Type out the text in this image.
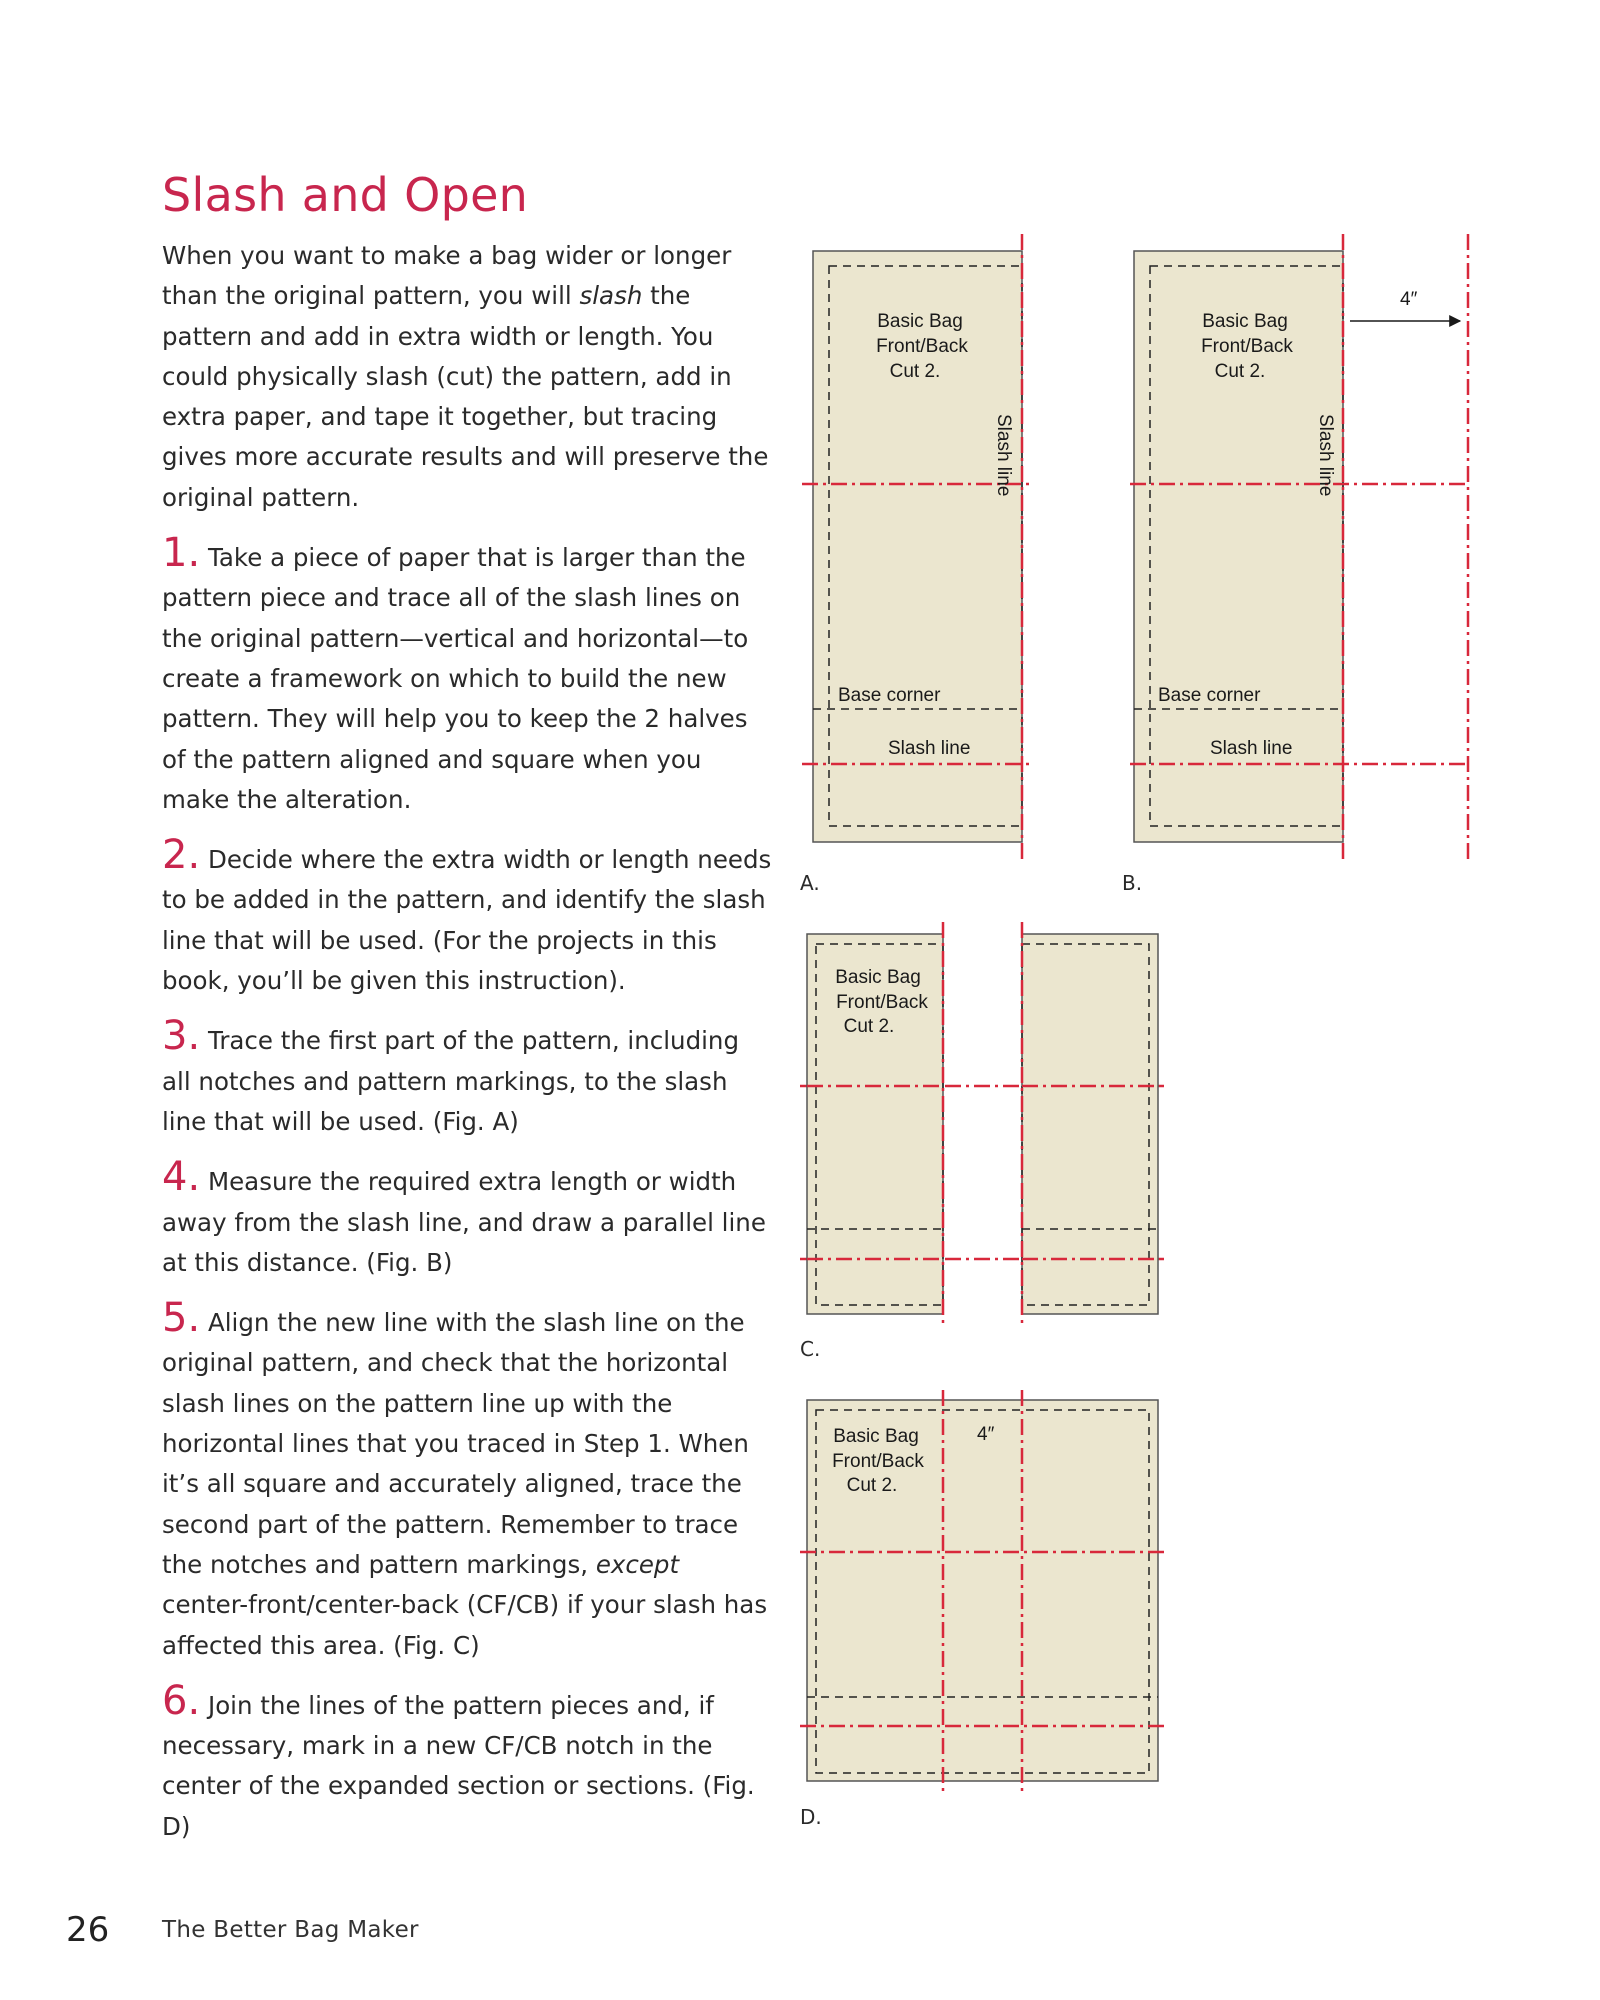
Slash and Open

When you want to make a bag wider or longer than the original pattern, you will slash the pattern and add in extra width or length. You could physically slash (cut) the pattern, add in extra paper, and tape it together, but tracing gives more accurate results and will preserve the original pattern.

1. Take a piece of paper that is larger than the pattern piece and trace all of the slash lines on the original pattern—vertical and horizontal—to create a framework on which to build the new pattern. They will help you to keep the 2 halves of the pattern aligned and square when you make the alteration.

2. Decide where the extra width or length needs to be added in the pattern, and identify the slash line that will be used. (For the projects in this book, you’ll be given this instruction).

3. Trace the first part of the pattern, including all notches and pattern markings, to the slash line that will be used. (Fig. A)

4. Measure the required extra length or width away from the slash line, and draw a parallel line at this distance. (Fig. B)

5. Align the new line with the slash line on the original pattern, and check that the horizontal slash lines on the pattern line up with the horizontal lines that you traced in Step 1. When it’s all square and accurately aligned, trace the second part of the pattern. Remember to trace the notches and pattern markings, except center-front/center-back (CF/CB) if your slash has affected this area. (Fig. C)

6. Join the lines of the pattern pieces and, if necessary, mark in a new CF/CB notch in the center of the expanded section or sections. (Fig. D)

Basic Bag
Front/Back
Cut 2.
Slash line
Base corner
Slash line
A.
4″
Basic Bag
Front/Back
Cut 2.
Slash line
Base corner
Slash line
B.
Basic Bag
Front/Back
Cut 2.
C.
4″
Basic Bag
Front/Back
Cut 2.
D.
26 The Better Bag Maker
